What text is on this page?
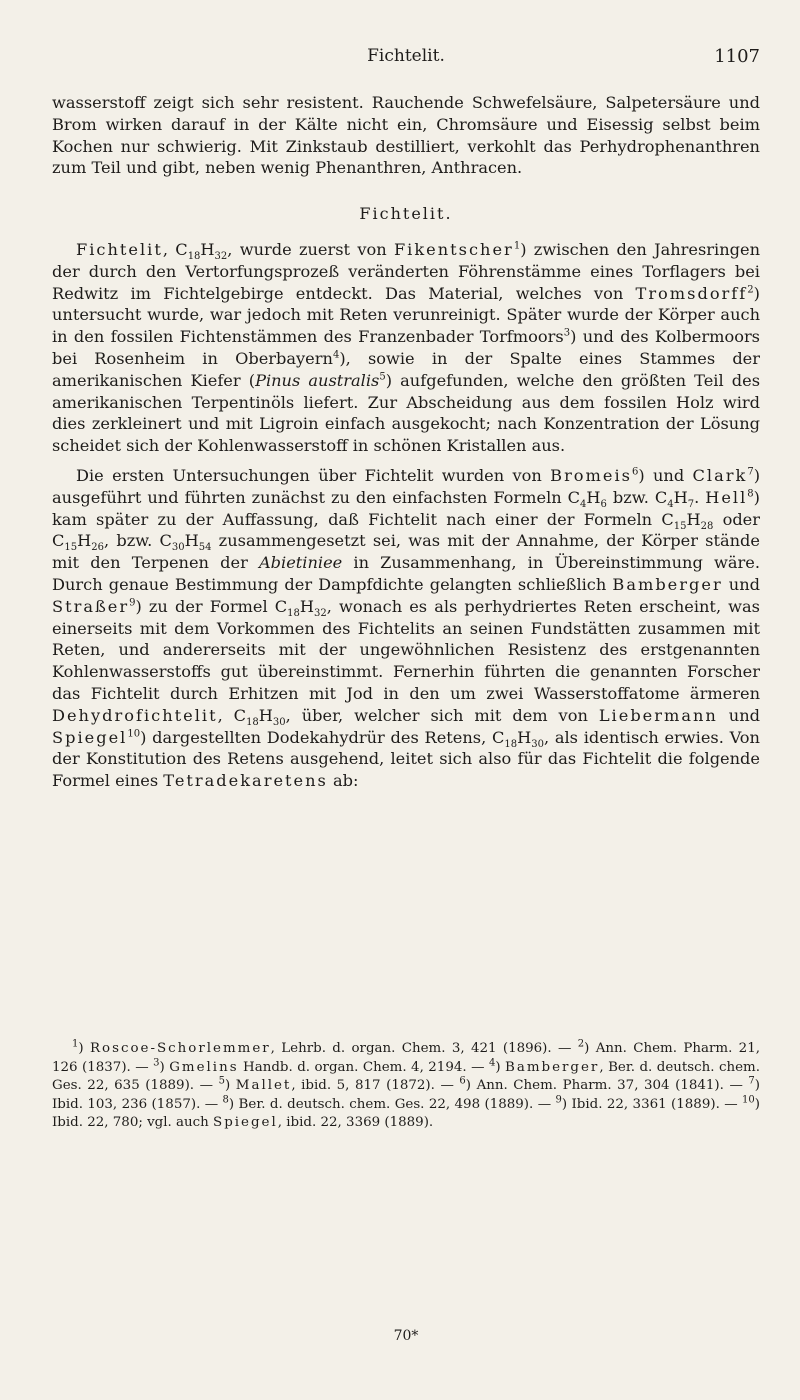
Fichtelit.	1107

wasserstoff zeigt sich sehr resistent. Rauchende Schwefelsäure, Salpetersäure und Brom wirken darauf in der Kälte nicht ein, Chromsäure und Eisessig selbst beim Kochen nur schwierig. Mit Zinkstaub destilliert, verkohlt das Perhydrophenanthren zum Teil und gibt, neben wenig Phenanthren, Anthracen.

Fichtelit.

Fichtelit, $C_{18}H_{32}$, wurde zuerst von Fikentscher$^1$) zwischen den Jahresringen der durch den Vertorfungsprozeß veränderten Föhrenstämme eines Torflagers bei Redwitz im Fichtelgebirge entdeckt. Das Material, welches von Tromsdorff$^2$) untersucht wurde, war jedoch mit Reten verunreinigt. Später wurde der Körper auch in den fossilen Fichtenstämmen des Franzenbader Torfmoors$^3$) und des Kolbermoors bei Rosenheim in Oberbayern$^4$), sowie in der Spalte eines Stammes der amerikanischen Kiefer (Pinus australis$^5$) aufgefunden, welche den größten Teil des amerikanischen Terpentinöls liefert. Zur Abscheidung aus dem fossilen Holz wird dies zerkleinert und mit Ligroin einfach ausgekocht; nach Konzentration der Lösung scheidet sich der Kohlenwasserstoff in schönen Kristallen aus.

Die ersten Untersuchungen über Fichtelit wurden von Bromeis$^6$) und Clark$^7$) ausgeführt und führten zunächst zu den einfachsten Formeln $C_4H_6$ bzw. $C_4H_7$. Hell$^8$) kam später zu der Auffassung, daß Fichtelit nach einer der Formeln $C_{15}H_{28}$ oder $C_{15}H_{26}$, bzw. $C_{30}H_{54}$ zusammengesetzt sei, was mit der Annahme, der Körper stände mit den Terpenen der Abietiniee in Zusammenhang, in Übereinstimmung wäre. Durch genaue Bestimmung der Dampfdichte gelangten schließlich Bamberger und Straßer$^9$) zu der Formel $C_{18}H_{32}$, wonach es als perhydriertes Reten erscheint, was einerseits mit dem Vorkommen des Fichtelits an seinen Fundstätten zusammen mit Reten, und andererseits mit der ungewöhnlichen Resistenz des erstgenannten Kohlenwasserstoffs gut übereinstimmt. Fernerhin führten die genannten Forscher das Fichtelit durch Erhitzen mit Jod in den um zwei Wasserstoffatome ärmeren Dehydrofichtelit, $C_{18}H_{30}$, über, welcher sich mit dem von Liebermann und Spiegel$^{10}$) dargestellten Dodekahydrür des Retens, $C_{18}H_{30}$, als identisch erwies. Von der Konstitution des Retens ausgehend, leitet sich also für das Fichtelit die folgende Formel eines Tetradekaretens ab:

$^1$) Roscoe-Schorlemmer, Lehrb. d. organ. Chem. 3, 421 (1896). — $^2$) Ann. Chem. Pharm. 21, 126 (1837). — $^3$) Gmelins Handb. d. organ. Chem. 4, 2194. — $^4$) Bamberger, Ber. d. deutsch. chem. Ges. 22, 635 (1889). — $^5$) Mallet, ibid. 5, 817 (1872). — $^6$) Ann. Chem. Pharm. 37, 304 (1841). — $^7$) Ibid. 103, 236 (1857). — $^8$) Ber. d. deutsch. chem. Ges. 22, 498 (1889). — $^9$) Ibid. 22, 3361 (1889). — $^{10}$) Ibid. 22, 780; vgl. auch Spiegel, ibid. 22, 3369 (1889).

70*
